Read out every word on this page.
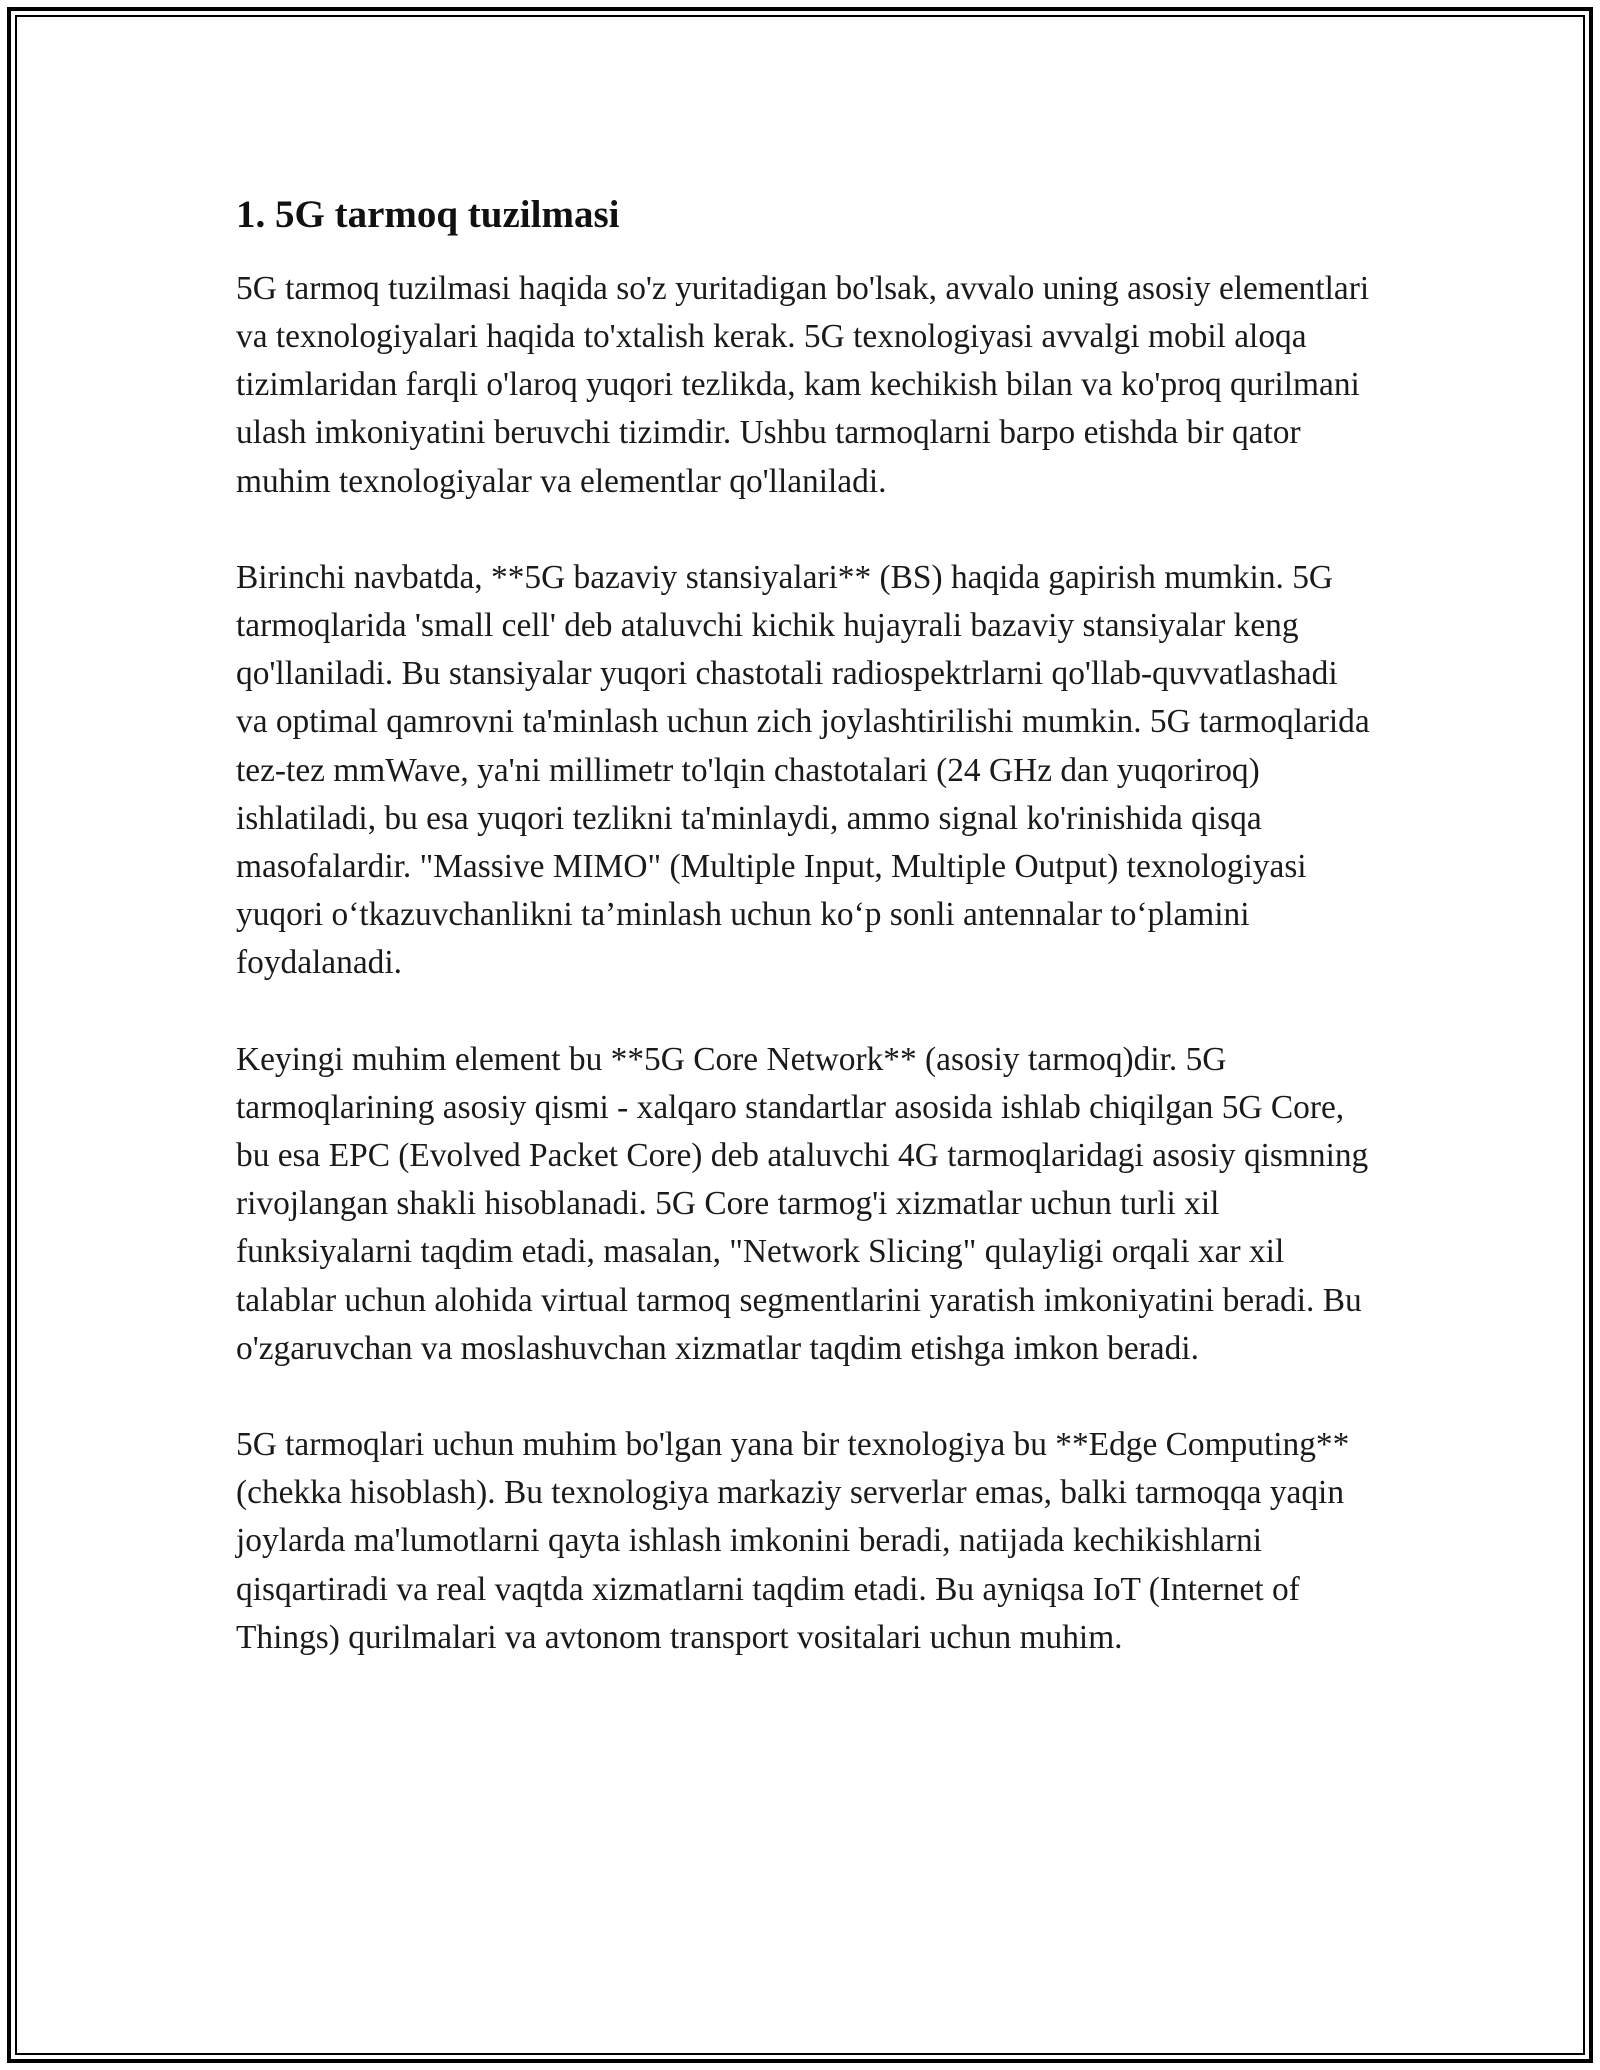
1. 5G tarmoq tuzilmasi

5G tarmoq tuzilmasi haqida so'z yuritadigan bo'lsak, avvalo uning asosiy elementlari va texnologiyalari haqida to'xtalish kerak. 5G texnologiyasi avvalgi mobil aloqa tizimlaridan farqli o'laroq yuqori tezlikda, kam kechikish bilan va ko'proq qurilmani ulash imkoniyatini beruvchi tizimdir. Ushbu tarmoqlarni barpo etishda bir qator muhim texnologiyalar va elementlar qo'llaniladi.

Birinchi navbatda, **5G bazaviy stansiyalari** (BS) haqida gapirish mumkin. 5G tarmoqlarida 'small cell' deb ataluvchi kichik hujayrali bazaviy stansiyalar keng qo'llaniladi. Bu stansiyalar yuqori chastotali radiospektrlarni qo'llab-quvvatlashadi va optimal qamrovni ta'minlash uchun zich joylashtirilishi mumkin. 5G tarmoqlarida tez-tez mmWave, ya'ni millimetr to'lqin chastotalari (24 GHz dan yuqoriroq) ishlatiladi, bu esa yuqori tezlikni ta'minlaydi, ammo signal ko'rinishida qisqa masofalardir. "Massive MIMO" (Multiple Input, Multiple Output) texnologiyasi yuqori o‘tkazuvchanlikni ta’minlash uchun ko‘p sonli antennalar to‘plamini foydalanadi.

Keyingi muhim element bu **5G Core Network** (asosiy tarmoq)dir. 5G tarmoqlarining asosiy qismi - xalqaro standartlar asosida ishlab chiqilgan 5G Core, bu esa EPC (Evolved Packet Core) deb ataluvchi 4G tarmoqlaridagi asosiy qismning rivojlangan shakli hisoblanadi. 5G Core tarmog'i xizmatlar uchun turli xil funksiyalarni taqdim etadi, masalan, "Network Slicing" qulayligi orqali xar xil talablar uchun alohida virtual tarmoq segmentlarini yaratish imkoniyatini beradi. Bu o'zgaruvchan va moslashuvchan xizmatlar taqdim etishga imkon beradi.

5G tarmoqlari uchun muhim bo'lgan yana bir texnologiya bu **Edge Computing** (chekka hisoblash). Bu texnologiya markaziy serverlar emas, balki tarmoqqa yaqin joylarda ma'lumotlarni qayta ishlash imkonini beradi, natijada kechikishlarni qisqartiradi va real vaqtda xizmatlarni taqdim etadi. Bu ayniqsa IoT (Internet of Things) qurilmalari va avtonom transport vositalari uchun muhim.
